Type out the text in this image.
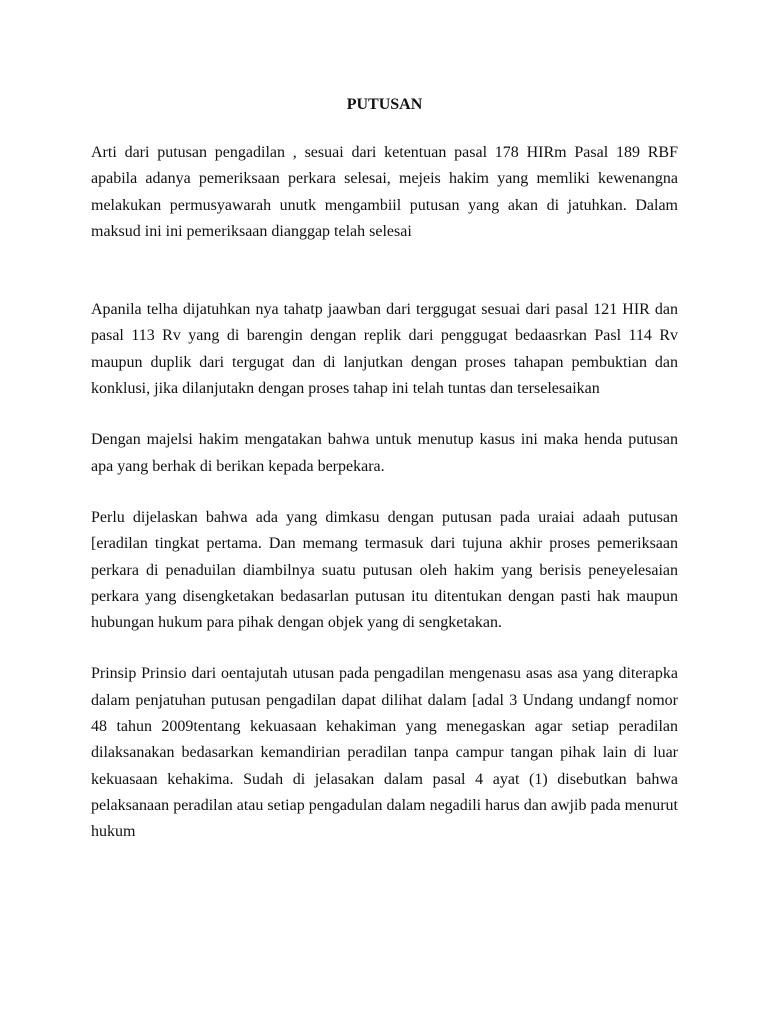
PUTUSAN

Arti dari putusan pengadilan , sesuai dari ketentuan pasal 178 HIRm Pasal 189 RBF apabila adanya pemeriksaan perkara selesai, mejeis hakim yang memliki kewenangna melakukan permusyawarah unutk mengambiil putusan yang akan di jatuhkan. Dalam maksud ini ini pemeriksaan dianggap telah selesai

Apanila telha dijatuhkan nya tahatp jaawban dari terggugat sesuai dari pasal 121 HIR dan pasal 113 Rv yang di barengin dengan replik dari penggugat bedaasrkan Pasl 114 Rv maupun duplik dari tergugat dan di lanjutkan dengan proses tahapan pembuktian dan konklusi, jika dilanjutakn dengan proses tahap ini telah tuntas dan terselesaikan

Dengan majelsi hakim mengatakan bahwa untuk menutup kasus ini maka henda putusan apa yang berhak di berikan kepada berpekara.

Perlu dijelaskan bahwa ada yang dimkasu dengan putusan pada uraiai adaah putusan [eradilan tingkat pertama. Dan memang termasuk dari tujuna akhir proses pemeriksaan perkara di penaduilan diambilnya suatu putusan oleh hakim yang berisis peneyelesaian perkara yang disengketakan bedasarlan putusan itu ditentukan dengan pasti hak maupun hubungan hukum para pihak dengan objek yang di sengketakan.

Prinsip Prinsio dari oentajutah utusan pada pengadilan mengenasu asas asa yang diterapka dalam penjatuhan putusan pengadilan dapat dilihat dalam [adal 3 Undang undangf nomor 48 tahun 2009tentang kekuasaan kehakiman yang menegaskan agar setiap peradilan dilaksanakan bedasarkan kemandirian peradilan tanpa campur tangan pihak lain di luar kekuasaan kehakima. Sudah di jelasakan dalam pasal 4 ayat (1) disebutkan bahwa pelaksanaan peradilan atau setiap pengadulan dalam negadili harus dan awjib pada menurut hukum
